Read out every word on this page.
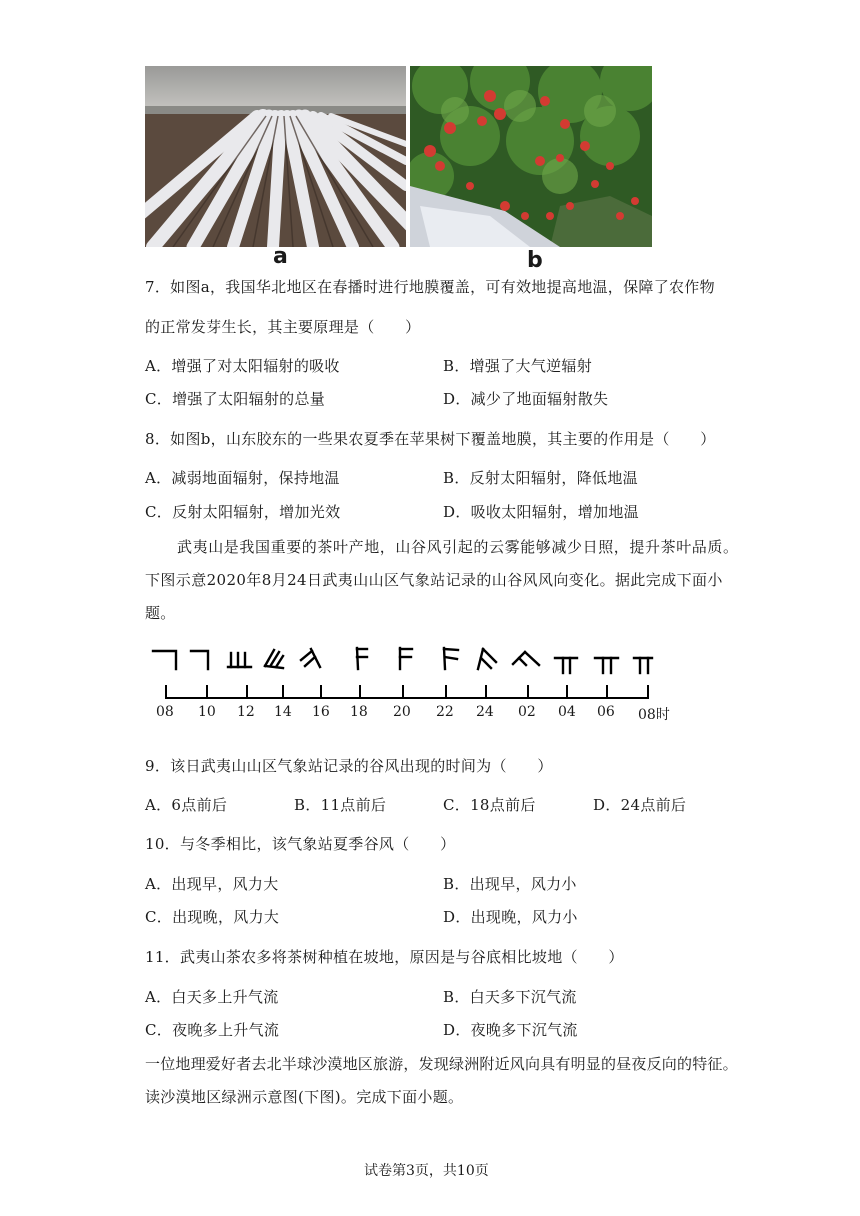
a	b
7．如图a，我国华北地区在春播时进行地膜覆盖，可有效地提高地温，保障了农作物
的正常发芽生长，其主要原理是（　　）
A．增强了对太阳辐射的吸收	B．增强了大气逆辐射
C．增强了太阳辐射的总量	D．减少了地面辐射散失
8．如图b，山东胶东的一些果农夏季在苹果树下覆盖地膜，其主要的作用是（　　）
A．减弱地面辐射，保持地温	B．反射太阳辐射，降低地温
C．反射太阳辐射，增加光效	D．吸收太阳辐射，增加地温
武夷山是我国重要的茶叶产地，山谷风引起的云雾能够减少日照，提升茶叶品质。
下图示意2020年8月24日武夷山山区气象站记录的山谷风风向变化。据此完成下面小
题。
08 10 12 14 16 18 20 22 24 02 04 06 08时
9．该日武夷山山区气象站记录的谷风出现的时间为（　　）
A．6点前后	B．11点前后	C．18点前后	D．24点前后
10．与冬季相比，该气象站夏季谷风（　　）
A．出现早，风力大	B．出现早，风力小
C．出现晚，风力大	D．出现晚，风力小
11．武夷山茶农多将茶树种植在坡地，原因是与谷底相比坡地（　　）
A．白天多上升气流	B．白天多下沉气流
C．夜晚多上升气流	D．夜晚多下沉气流
一位地理爱好者去北半球沙漠地区旅游，发现绿洲附近风向具有明显的昼夜反向的特征。
读沙漠地区绿洲示意图(下图)。完成下面小题。
试卷第3页，共10页
